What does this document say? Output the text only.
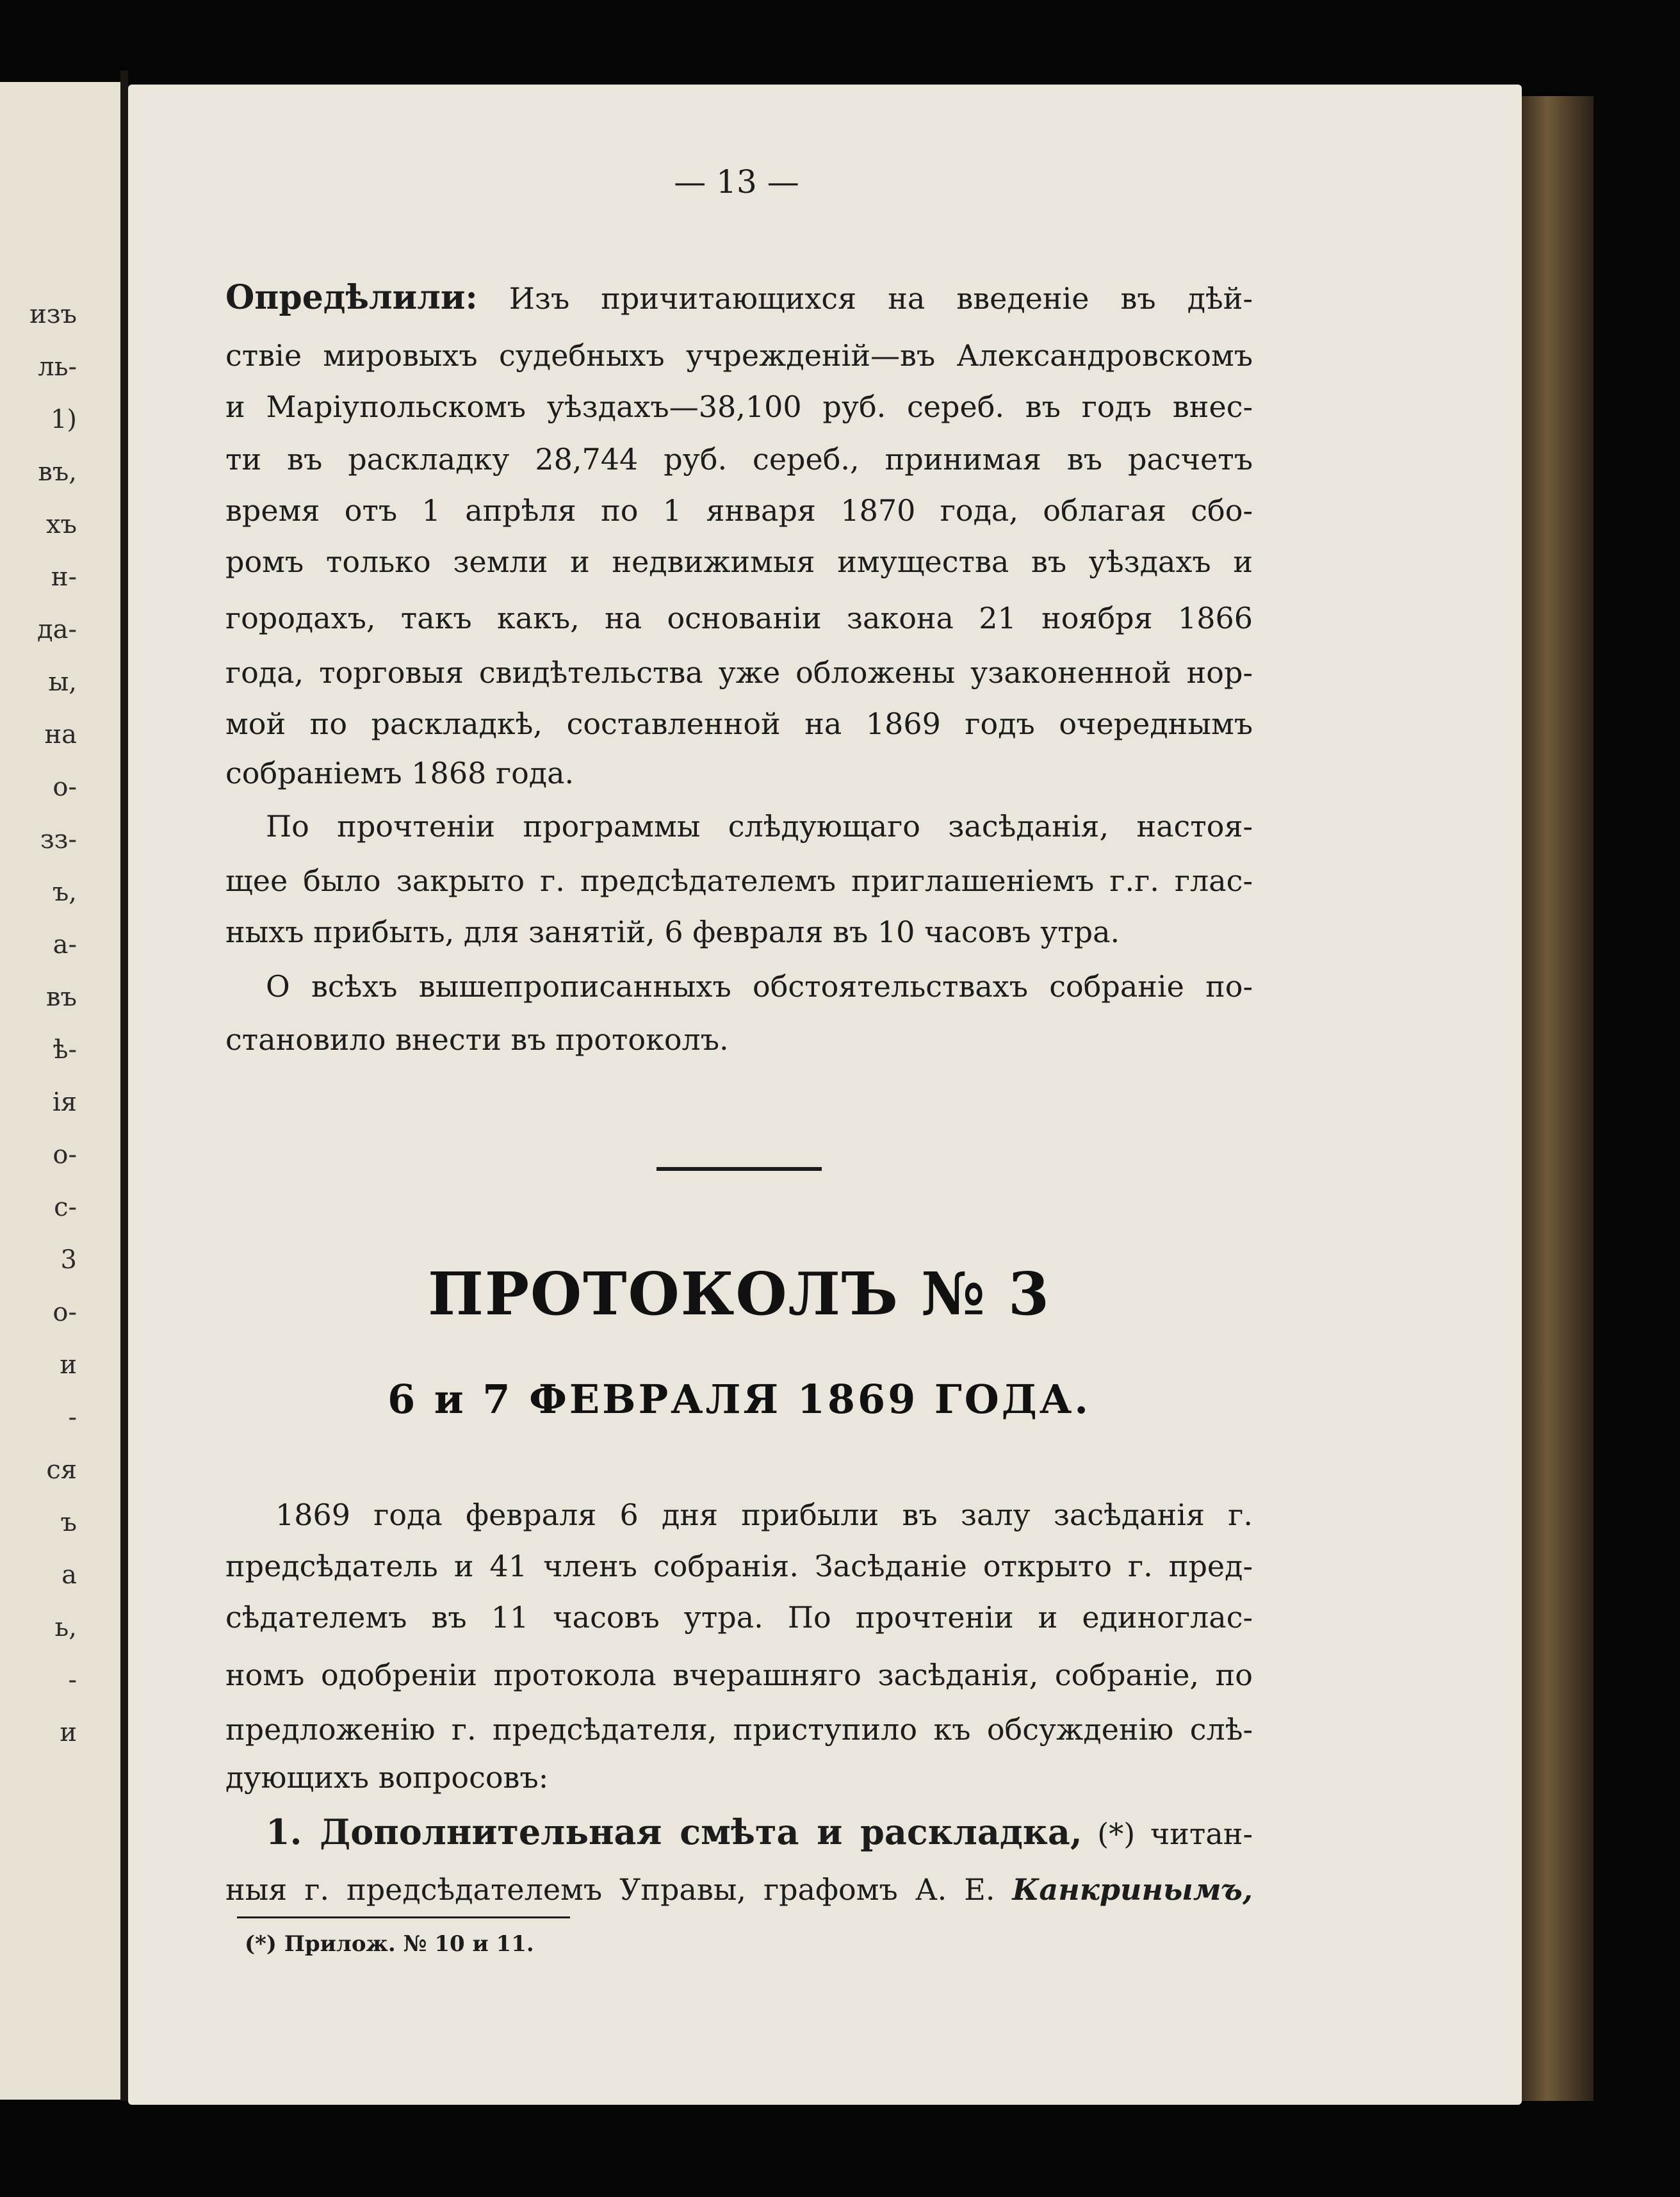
изъ
ль-
1)
въ,
хъ
н-
да-
ы,
на
о-
зз-
ъ,
а-
въ
ѣ-
ія
о-
с-
3
о-
и
-
ся
ъ
а
ь,
-
и
— 13 —
Опредѣлили: Изъ причитающихся на введеніе въ дѣй-
ствіе мировыхъ судебныхъ учрежденій—въ Александровскомъ
и Маріупольскомъ уѣздахъ—38,100 руб. сереб. въ годъ внес-
ти въ раскладку 28,744 руб. сереб., принимая въ расчетъ
время отъ 1 апрѣля по 1 января 1870 года, облагая сбо-
ромъ только земли и недвижимыя имущества въ уѣздахъ и
городахъ, такъ какъ, на основаніи закона 21 ноября 1866
года, торговыя свидѣтельства уже обложены узаконенной нор-
мой по раскладкѣ, составленной на 1869 годъ очереднымъ
собраніемъ 1868 года.
По прочтеніи программы слѣдующаго засѣданія, настоя-
щее было закрыто г. предсѣдателемъ приглашеніемъ г.г. глас-
ныхъ прибыть, для занятій, 6 февраля въ 10 часовъ утра.
О всѣхъ вышепрописанныхъ обстоятельствахъ собраніе по-
становило внести въ протоколъ.
ПРОТОКОЛЪ № 3
6 и 7 ФЕВРАЛЯ 1869 ГОДА.
1869 года февраля 6 дня прибыли въ залу засѣданія г.
предсѣдатель и 41 членъ собранія. Засѣданіе открыто г. пред-
сѣдателемъ въ 11 часовъ утра. По прочтеніи и единоглас-
номъ одобреніи протокола вчерашняго засѣданія, собраніе, по
предложенію г. предсѣдателя, приступило къ обсужденію слѣ-
дующихъ вопросовъ:
1. Дополнительная смѣта и раскладка, (*) читан-
ныя г. предсѣдателемъ Управы, графомъ А. Е. Канкринымъ,
(*) Прилож. № 10 и 11.
